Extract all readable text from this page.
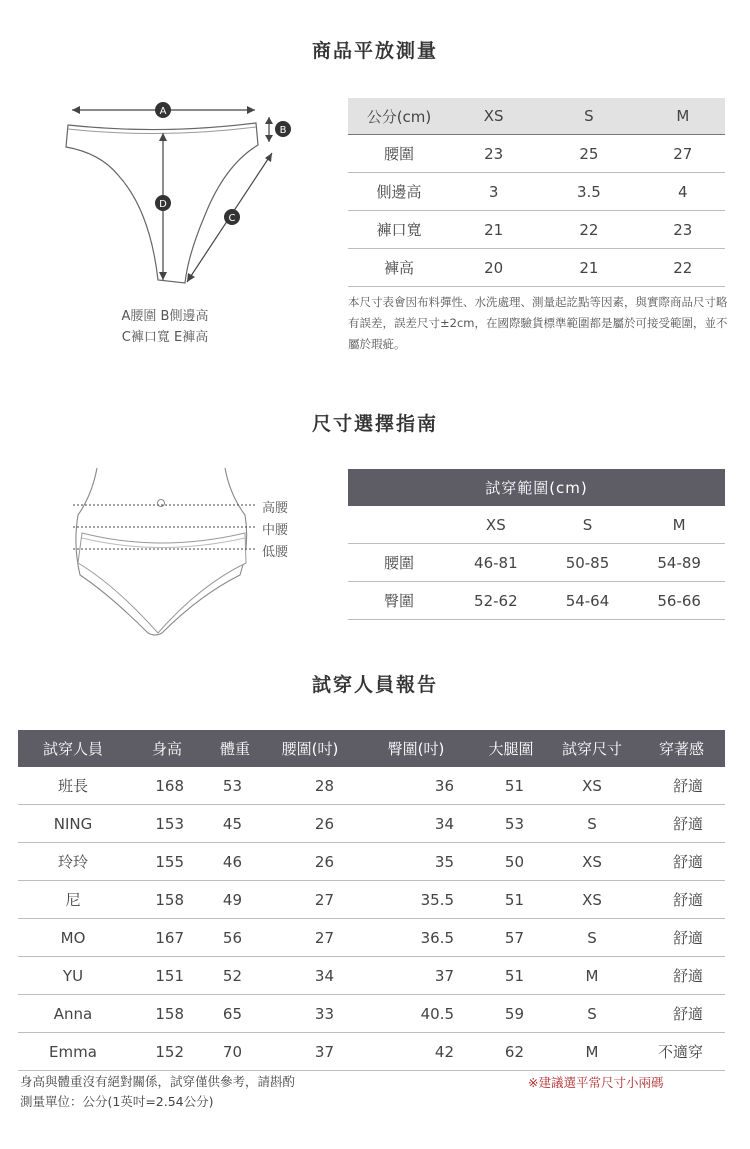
商品平放測量
A
B
C
D
A腰圍 B側邊高
C褲口寬 E褲高
公分(cm)	XS	S	M
腰圍	23	25	27
側邊高	3	3.5	4
褲口寬	21	22	23
褲高	20	21	22
本尺寸表會因布料彈性、水洗處理、測量起訖點等因素，與實際商品尺寸略有誤差，誤差尺寸±2cm，在國際驗貨標準範圍都是屬於可接受範圍，並不屬於瑕疵。
尺寸選擇指南
高腰
中腰
低腰
試穿範圍(cm)			
	XS	S	M
腰圍	46-81	50-85	54-89
臀圍	52-62	54-64	56-66
試穿人員報告
試穿人員	身高	體重	腰圍(吋)	臀圍(吋)	大腿圍	試穿尺寸	穿著感
班長	168	53	28	36	51	XS	舒適
NING	153	45	26	34	53	S	舒適
玲玲	155	46	26	35	50	XS	舒適
尼	158	49	27	35.5	51	XS	舒適
MO	167	56	27	36.5	57	S	舒適
YU	151	52	34	37	51	M	舒適
Anna	158	65	33	40.5	59	S	舒適
Emma	152	70	37	42	62	M	不適穿
身高與體重沒有絕對關係，試穿僅供參考，請斟酌
測量單位：公分(1英吋=2.54公分)
※建議選平常尺寸小兩碼
